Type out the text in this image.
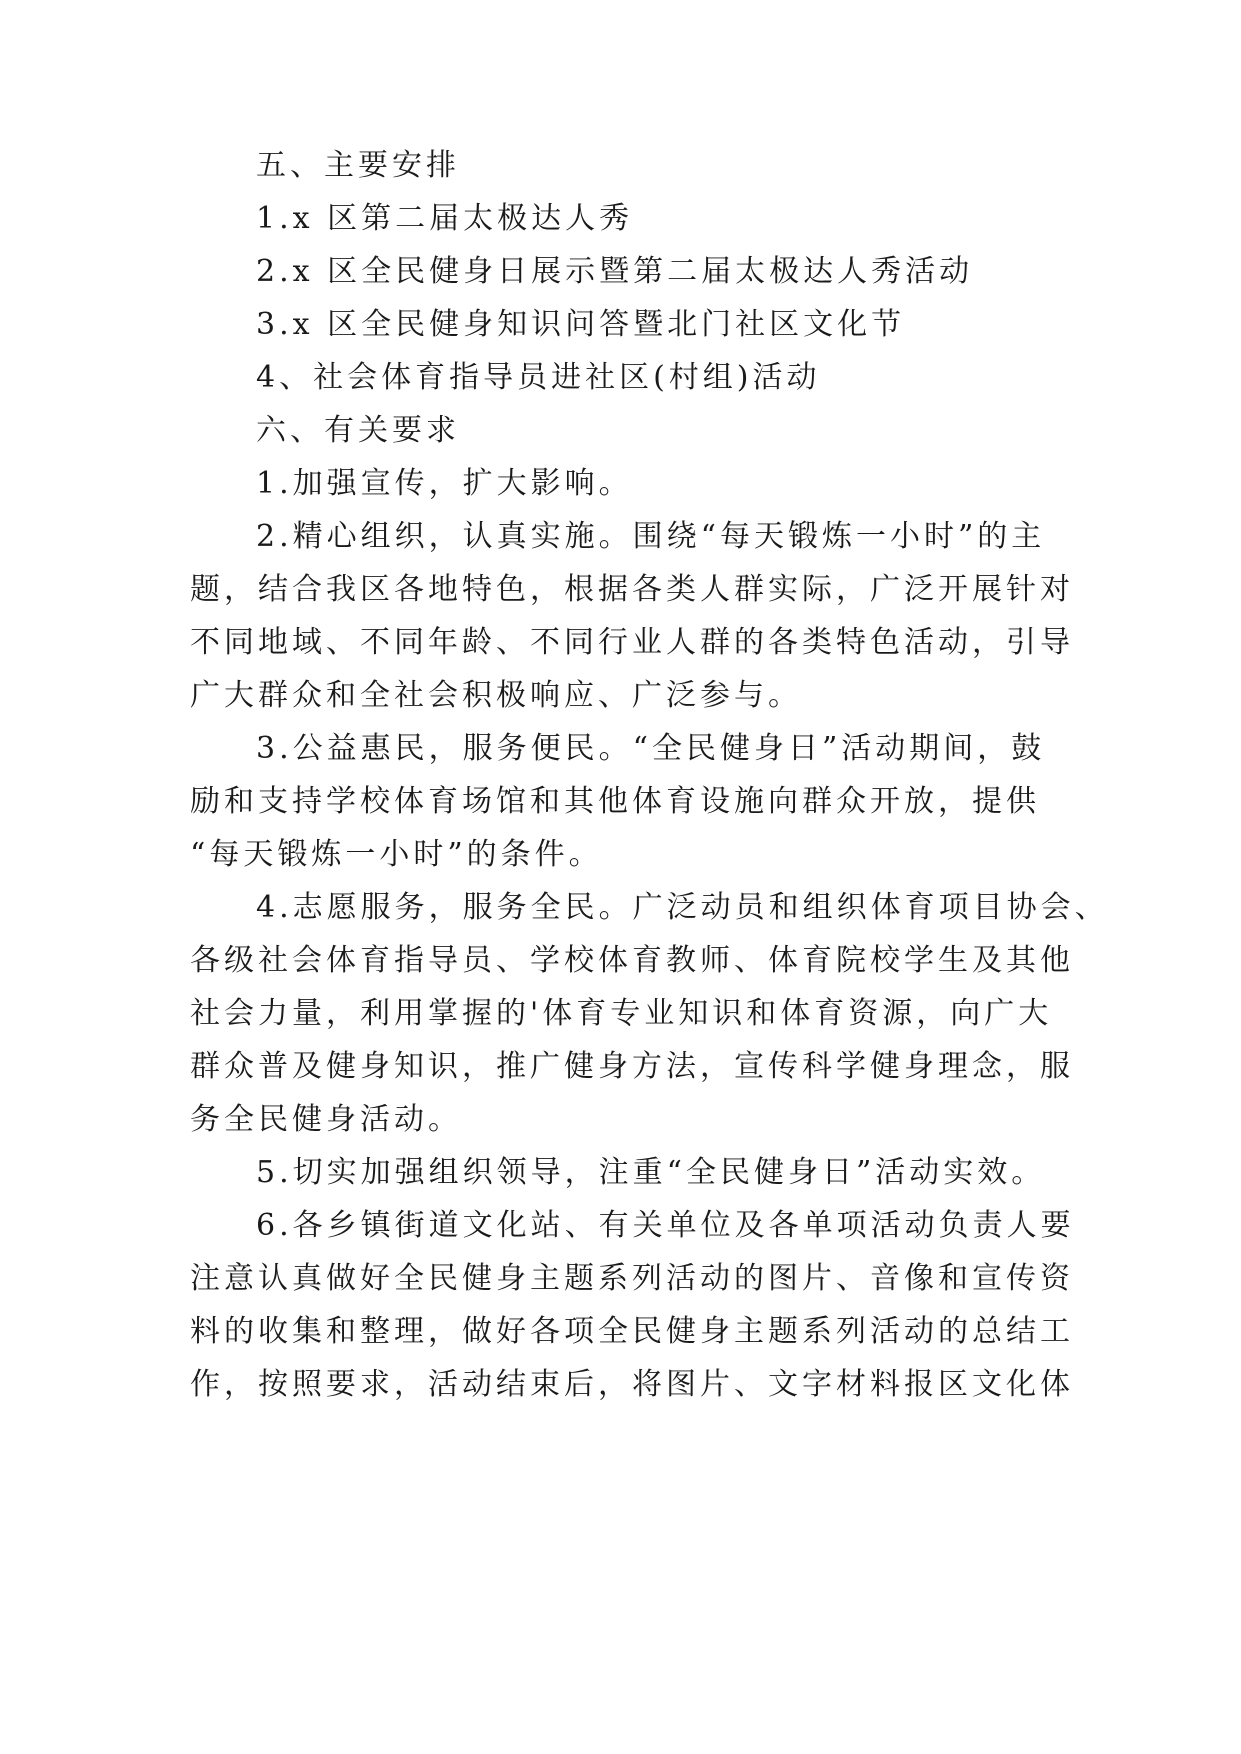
五、主要安排
1.x 区第二届太极达人秀
2.x 区全民健身日展示暨第二届太极达人秀活动
3.x 区全民健身知识问答暨北门社区文化节
4、社会体育指导员进社区(村组)活动
六、有关要求
1.加强宣传，扩大影响。
2.精心组织，认真实施。围绕“每天锻炼一小时”的主
题，结合我区各地特色，根据各类人群实际，广泛开展针对
不同地域、不同年龄、不同行业人群的各类特色活动，引导
广大群众和全社会积极响应、广泛参与。
3.公益惠民，服务便民。“全民健身日”活动期间，鼓
励和支持学校体育场馆和其他体育设施向群众开放，提供
“每天锻炼一小时”的条件。
4.志愿服务，服务全民。广泛动员和组织体育项目协会、
各级社会体育指导员、学校体育教师、体育院校学生及其他
社会力量，利用掌握的'体育专业知识和体育资源，向广大
群众普及健身知识，推广健身方法，宣传科学健身理念，服
务全民健身活动。
5.切实加强组织领导，注重“全民健身日”活动实效。
6.各乡镇街道文化站、有关单位及各单项活动负责人要
注意认真做好全民健身主题系列活动的图片、音像和宣传资
料的收集和整理，做好各项全民健身主题系列活动的总结工
作，按照要求，活动结束后，将图片、文字材料报区文化体
